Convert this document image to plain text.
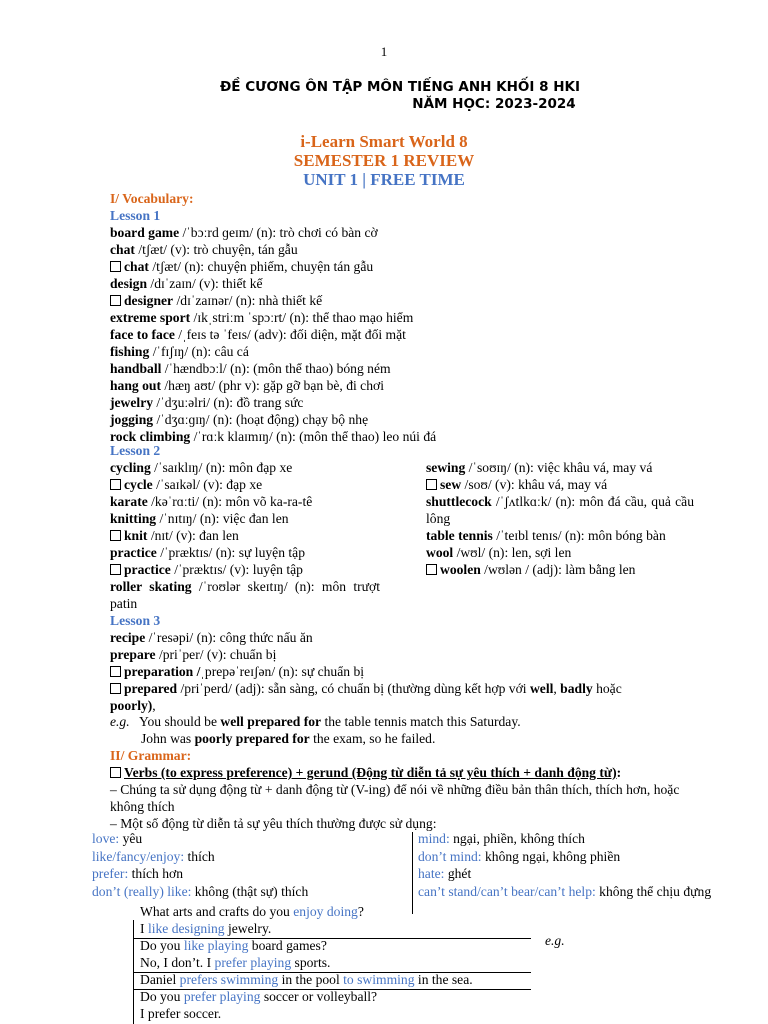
1
ĐỀ CƯƠNG ÔN TẬP MÔN TIẾNG ANH KHỐI 8 HKI
NĂM HỌC: 2023-2024
i-Learn Smart World 8
SEMESTER 1 REVIEW
UNIT 1 | FREE TIME
I/ Vocabulary:
Lesson 1
board game /ˈbɔːrd ɡeɪm/ (n): trò chơi có bàn cờ
chat /tʃæt/ (v): trò chuyện, tán gẫu
chat /tʃæt/ (n): chuyện phiếm, chuyện tán gẫu
design /dɪˈzaɪn/ (v): thiết kế
designer /dɪˈzaɪnər/ (n): nhà thiết kế
extreme sport /ɪkˌstriːm ˈspɔːrt/ (n): thể thao mạo hiểm
face to face /ˌfeɪs tə ˈfeɪs/ (adv): đối diện, mặt đối mặt
fishing /ˈfɪʃɪŋ/ (n): câu cá
handball /ˈhændbɔːl/ (n): (môn thể thao) bóng ném
hang out /hæŋ aʊt/ (phr v): gặp gỡ bạn bè, đi chơi
jewelry /ˈdʒuːəlri/ (n): đồ trang sức
jogging /ˈdʒɑːɡɪŋ/ (n): (hoạt động) chạy bộ nhẹ
rock climbing /ˈrɑːk klaɪmɪŋ/ (n): (môn thể thao) leo núi đá
Lesson 2
cycling /ˈsaɪklɪŋ/ (n): môn đạp xe
cycle /ˈsaɪkəl/ (v): đạp xe
karate /kəˈrɑːti/ (n): môn võ ka-ra-tê
knitting /ˈnɪtɪŋ/ (n): việc đan len
knit /nɪt/ (v): đan len
practice /ˈpræktɪs/ (n): sự luyện tập
practice /ˈpræktɪs/ (v): luyện tập
roller skating /ˈroʊlər skeɪtɪŋ/ (n): môn trượt patin
sewing /ˈsoʊɪŋ/ (n): việc khâu vá, may vá
sew /soʊ/ (v): khâu vá, may vá
shuttlecock /ˈʃʌtlkɑːk/ (n): môn đá cầu, quả cầu lông
table tennis /ˈteɪbl tenɪs/ (n): môn bóng bàn
wool /wʊl/ (n): len, sợi len
woolen /wʊlən / (adj): làm bằng len
Lesson 3
recipe /ˈresəpi/ (n): công thức nấu ăn
prepare /priˈper/ (v): chuẩn bị
preparation /ˌprepəˈreɪʃən/ (n): sự chuẩn bị
prepared /priˈperd/ (adj): sẵn sàng, có chuẩn bị (thường dùng kết hợp với well, badly hoặc
poorly),
e.g. You should be well prepared for the table tennis match this Saturday.
John was poorly prepared for the exam, so he failed.
II/ Grammar:
Verbs (to express preference) + gerund (Động từ diễn tả sự yêu thích + danh động từ):
– Chúng ta sử dụng động từ + danh động từ (V-ing) để nói về những điều bản thân thích, thích hơn, hoặc không thích
– Một số động từ diễn tả sự yêu thích thường được sử dụng:
love: yêu
like/fancy/enjoy: thích
prefer: thích hơn
don’t (really) like: không (thật sự) thích
mind: ngại, phiền, không thích
don’t mind: không ngại, không phiền
hate: ghét
can’t stand/can’t bear/can’t help: không thể chịu đựng
What arts and crafts do you enjoy doing?
I like designing jewelry.
Do you like playing board games?
No, I don’t. I prefer playing sports.
Daniel prefers swimming in the pool to swimming in the sea.
Do you prefer playing soccer or volleyball?
I prefer soccer.
e.g.
